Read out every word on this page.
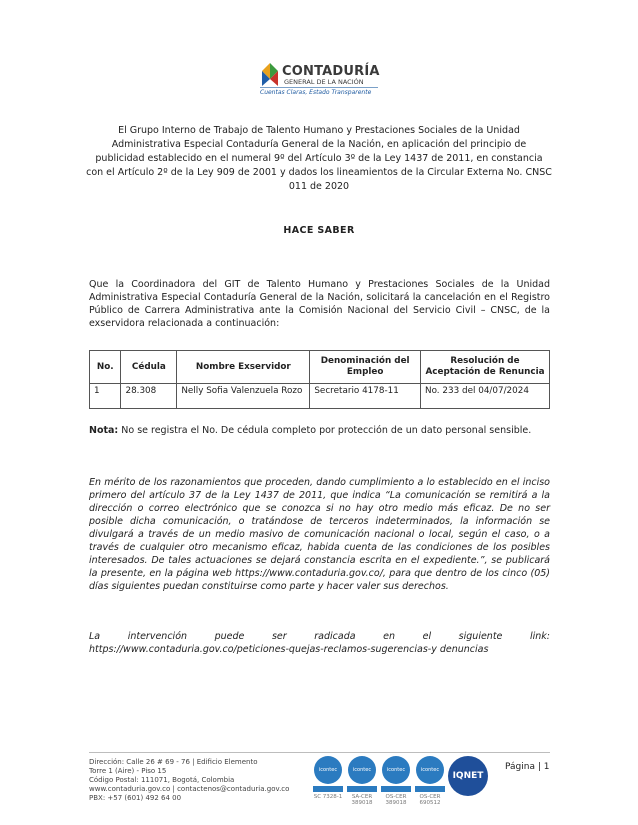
CONTADURÍA
GENERAL DE LA NACIÓN
Cuentas Claras, Estado Transparente
El Grupo Interno de Trabajo de Talento Humano y Prestaciones Sociales de la Unidad Administrativa Especial Contaduría General de la Nación, en aplicación del principio de publicidad establecido en el numeral 9º del Artículo 3º de la Ley 1437 de 2011, en constancia con el Artículo 2º de la Ley 909 de 2001 y dados los lineamientos de la Circular Externa No. CNSC 011 de 2020
HACE SABER
Que la Coordinadora del GIT de Talento Humano y Prestaciones Sociales de la Unidad Administrativa Especial Contaduría General de la Nación, solicitará la cancelación en el Registro Público de Carrera Administrativa ante la Comisión Nacional del Servicio Civil – CNSC, de la exservidora relacionada a continuación:
No.	Cédula	Nombre Exservidor	Denominación del Empleo	Resolución de Aceptación de Renuncia
1	28.308	Nelly Sofia Valenzuela Rozo	Secretario 4178-11	No. 233 del 04/07/2024
Nota: No se registra el No. De cédula completo por protección de un dato personal sensible.
En mérito de los razonamientos que proceden, dando cumplimiento a lo establecido en el inciso primero del artículo 37 de la Ley 1437 de 2011, que indica “La comunicación se remitirá a la dirección o correo electrónico que se conozca si no hay otro medio más eficaz. De no ser posible dicha comunicación, o tratándose de terceros indeterminados, la información se divulgará a través de un medio masivo de comunicación nacional o local, según el caso, o a través de cualquier otro mecanismo eficaz, habida cuenta de las condiciones de los posibles interesados. De tales actuaciones se dejará constancia escrita en el expediente.”, se publicará la presente, en la página web https://www.contaduria.gov.co/, para que dentro de los cinco (05) días siguientes puedan constituirse como parte y hacer valer sus derechos.
La intervención puede ser radicada en el siguiente link: https://www.contaduria.gov.co/peticiones-quejas-reclamos-sugerencias-y denuncias
Dirección: Calle 26 # 69 - 76 | Edificio Elemento
Torre 1 (Aire) - Piso 15
Código Postal: 111071, Bogotá, Colombia
www.contaduria.gov.co | contactenos@contaduria.gov.co
PBX: +57 (601) 492 64 00
icontec
SC 7328-1
icontec
SA-CER 389018
icontec
OS-CER 389018
icontec
OS-CER 690512
IQNET
Página | 1
